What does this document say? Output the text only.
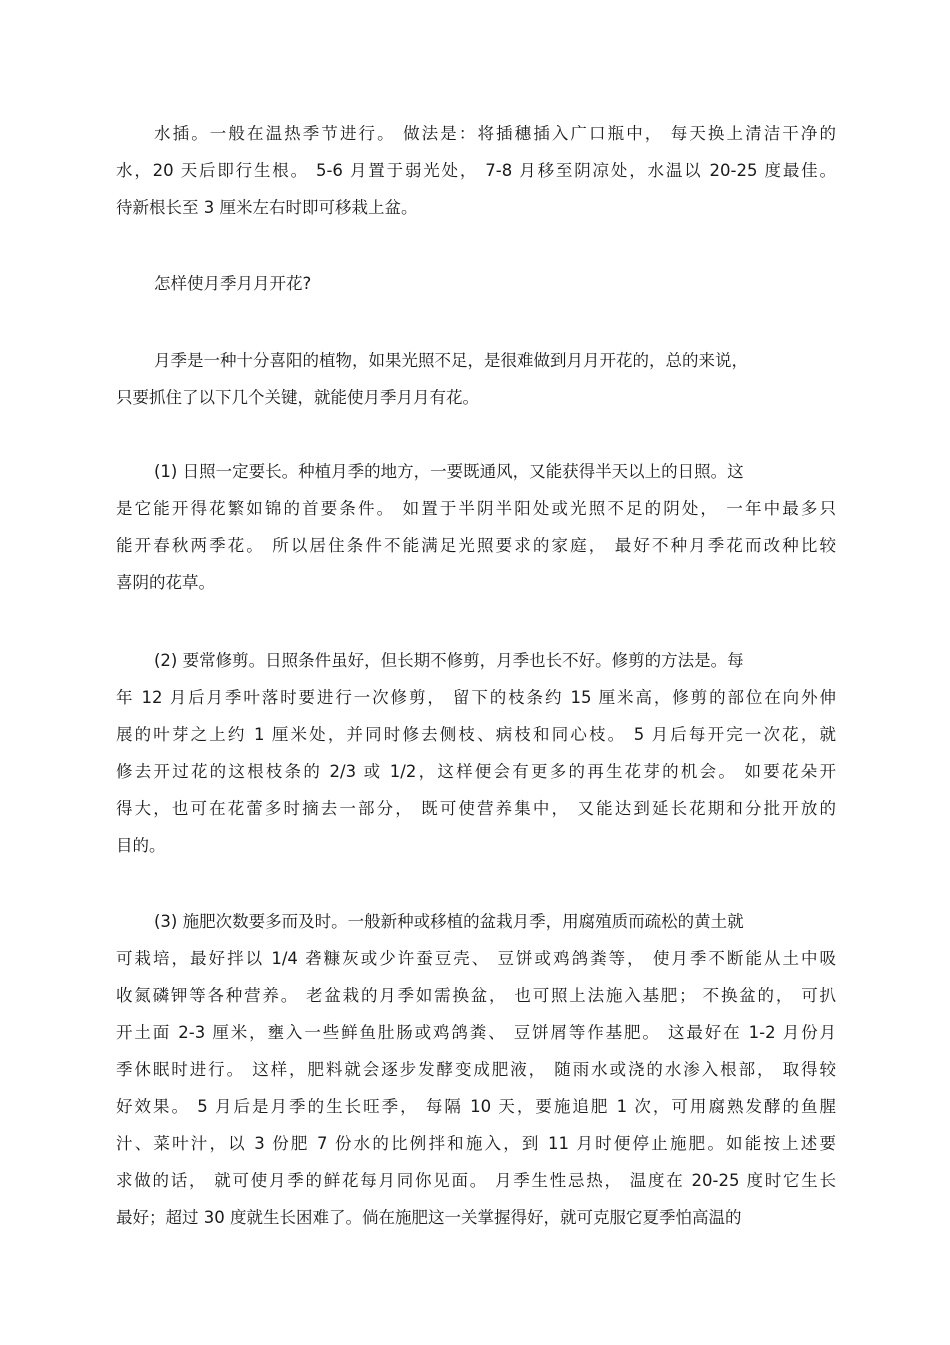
水插。一般在温热季节进行。 做法是：将插穗插入广口瓶中， 每天换上清洁干净的
水，20 天后即行生根。 5-6 月置于弱光处， 7-8 月移至阴凉处，水温以 20-25 度最佳。
待新根长至 3 厘米左右时即可移栽上盆。
怎样使月季月月开花?
月季是一种十分喜阳的植物，如果光照不足，是很难做到月月开花的，总的来说，
只要抓住了以下几个关键，就能使月季月月有花。
(1) 日照一定要长。种植月季的地方，一要既通风，又能获得半天以上的日照。这
是它能开得花繁如锦的首要条件。 如置于半阴半阳处或光照不足的阴处， 一年中最多只
能开春秋两季花。 所以居住条件不能满足光照要求的家庭， 最好不种月季花而改种比较
喜阴的花草。
(2) 要常修剪。日照条件虽好，但长期不修剪，月季也长不好。修剪的方法是。每
年 12 月后月季叶落时要进行一次修剪， 留下的枝条约 15 厘米高，修剪的部位在向外伸
展的叶芽之上约 1 厘米处，并同时修去侧枝、病枝和同心枝。 5 月后每开完一次花，就
修去开过花的这根枝条的 2/3 或 1/2，这样便会有更多的再生花芽的机会。 如要花朵开
得大，也可在花蕾多时摘去一部分， 既可使营养集中， 又能达到延长花期和分批开放的
目的。
(3) 施肥次数要多而及时。一般新种或移植的盆栽月季，用腐殖质而疏松的黄土就
可栽培，最好拌以 1/4 砻糠灰或少许蚕豆壳、 豆饼或鸡鸽粪等， 使月季不断能从土中吸
收氮磷钾等各种营养。 老盆栽的月季如需换盆， 也可照上法施入基肥； 不换盆的， 可扒
开土面 2-3 厘米，壅入一些鲜鱼肚肠或鸡鸽粪、 豆饼屑等作基肥。 这最好在 1-2 月份月
季休眠时进行。 这样，肥料就会逐步发酵变成肥液， 随雨水或浇的水渗入根部， 取得较
好效果。 5 月后是月季的生长旺季， 每隔 10 天，要施追肥 1 次，可用腐熟发酵的鱼腥
汁、菜叶汁，以 3 份肥 7 份水的比例拌和施入，到 11 月时便停止施肥。如能按上述要
求做的话， 就可使月季的鲜花每月同你见面。 月季生性忌热， 温度在 20-25 度时它生长
最好；超过 30 度就生长困难了。倘在施肥这一关掌握得好，就可克服它夏季怕高温的
